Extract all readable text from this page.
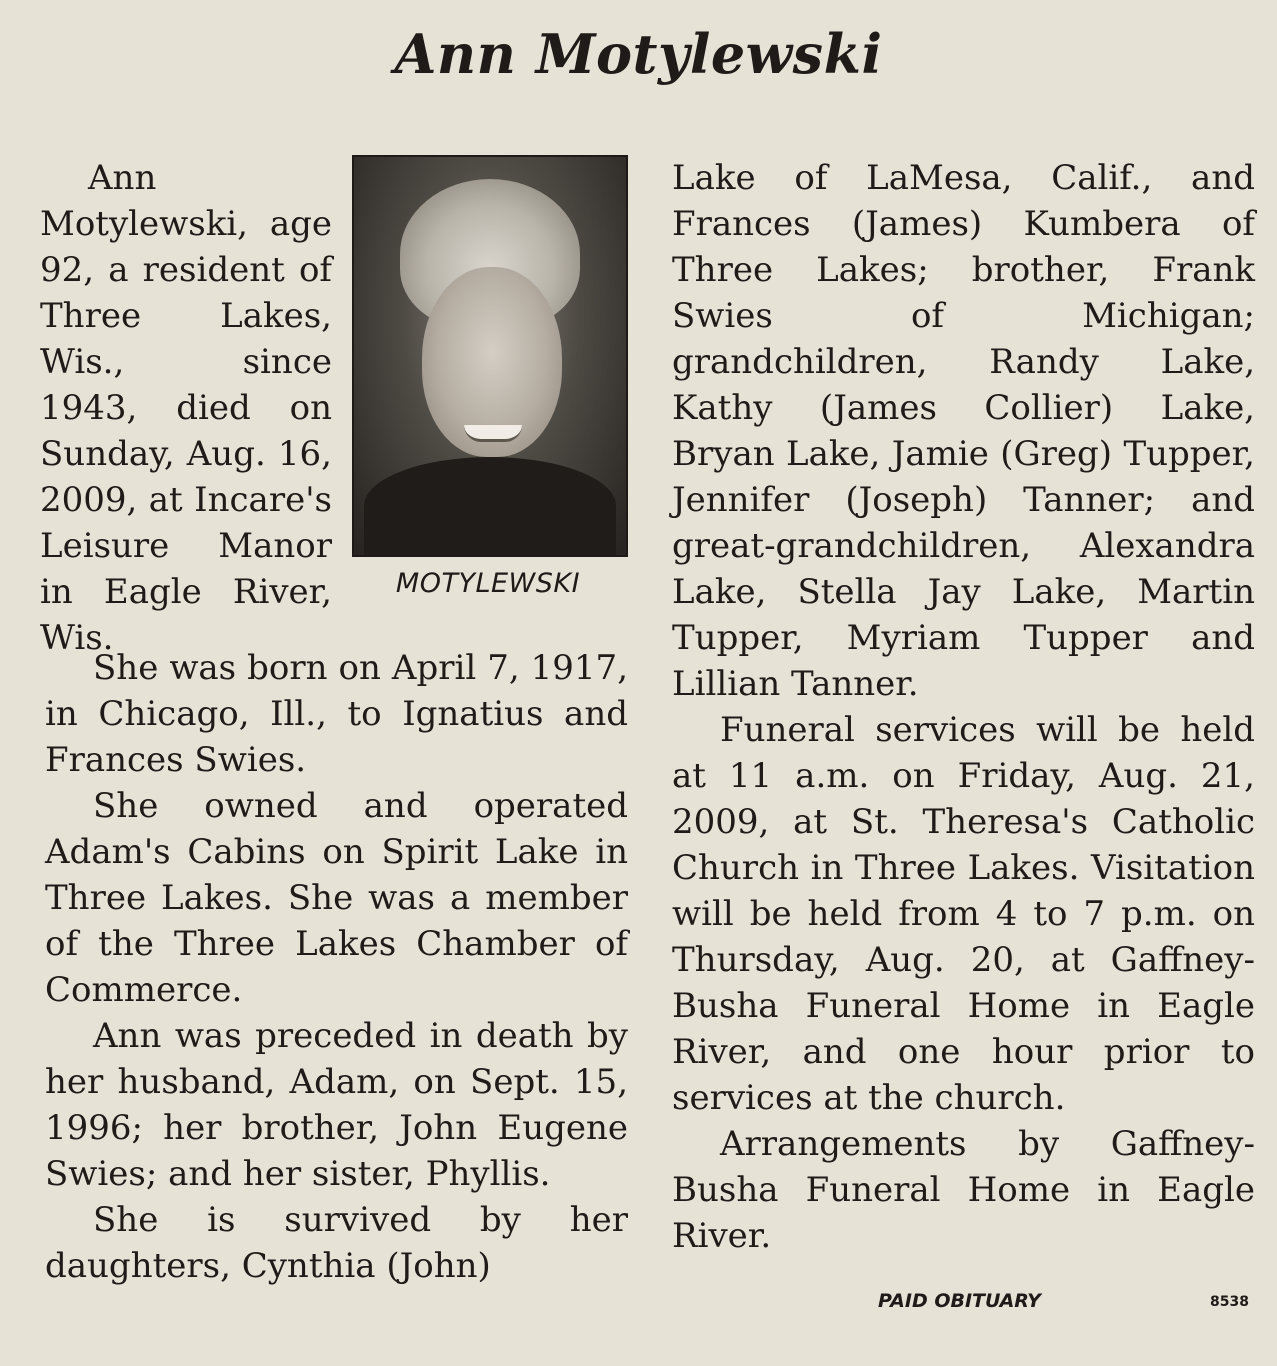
Ann Motylewski

Ann Motylewski, age 92, a resident of Three Lakes, Wis., since 1943, died on Sunday, Aug. 16, 2009, at Incare's Leisure Manor in Eagle River, Wis.

MOTYLEWSKI

She was born on April 7, 1917, in Chicago, Ill., to Ignatius and Frances Swies.

She owned and operated Adam's Cabins on Spirit Lake in Three Lakes. She was a member of the Three Lakes Chamber of Commerce.

Ann was preceded in death by her husband, Adam, on Sept. 15, 1996; her brother, John Eugene Swies; and her sister, Phyllis.

She is survived by her daughters, Cynthia (John)

Lake of LaMesa, Calif., and Frances (James) Kumbera of Three Lakes; brother, Frank Swies of Michigan; grandchildren, Randy Lake, Kathy (James Collier) Lake, Bryan Lake, Jamie (Greg) Tupper, Jennifer (Joseph) Tanner; and great-grandchildren, Alexandra Lake, Stella Jay Lake, Martin Tupper, Myriam Tupper and Lillian Tanner.

Funeral services will be held at 11 a.m. on Friday, Aug. 21, 2009, at St. Theresa's Catholic Church in Three Lakes. Visitation will be held from 4 to 7 p.m. on Thursday, Aug. 20, at Gaffney-Busha Funeral Home in Eagle River, and one hour prior to services at the church.

Arrangements by Gaffney-Busha Funeral Home in Eagle River.

PAID OBITUARY	8538
